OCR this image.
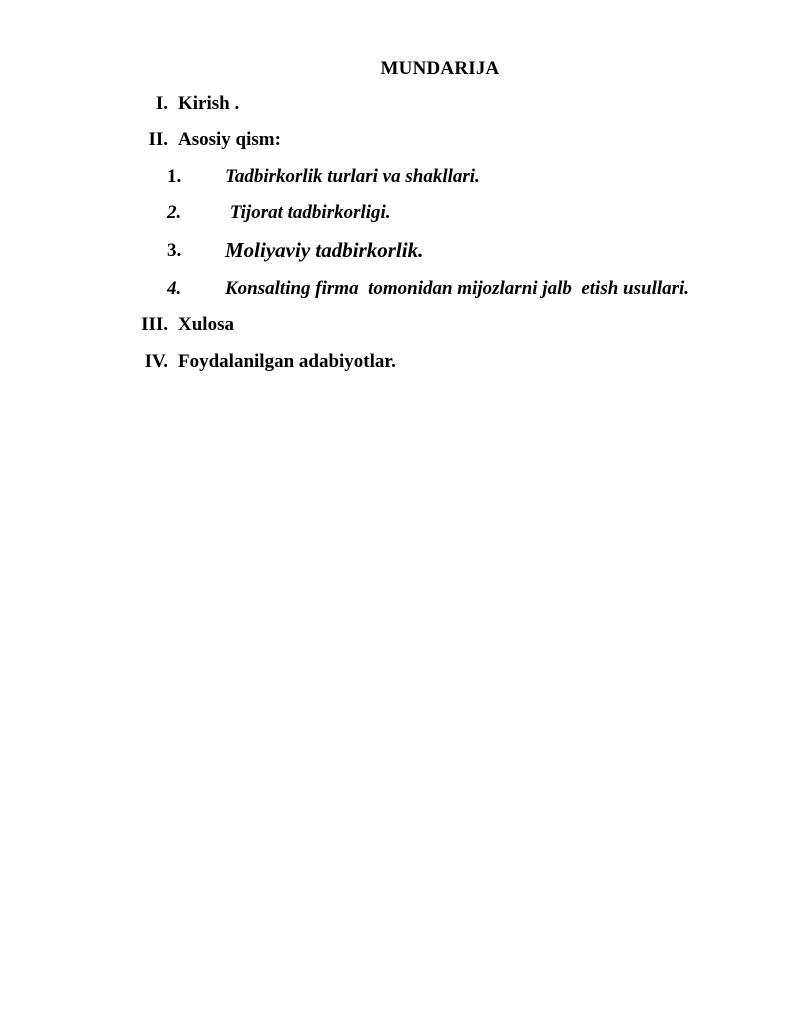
MUNDARIJA
I. Kirish .
II. Asosiy qism:
1. Tadbirkorlik turlari va shakllari.
2. Tijorat tadbirkorligi.
3. Moliyaviy tadbirkorlik.
4. Konsalting firma  tomonidan mijozlarni jalb  etish usullari.
III. Xulosa
IV. Foydalanilgan adabiyotlar.
